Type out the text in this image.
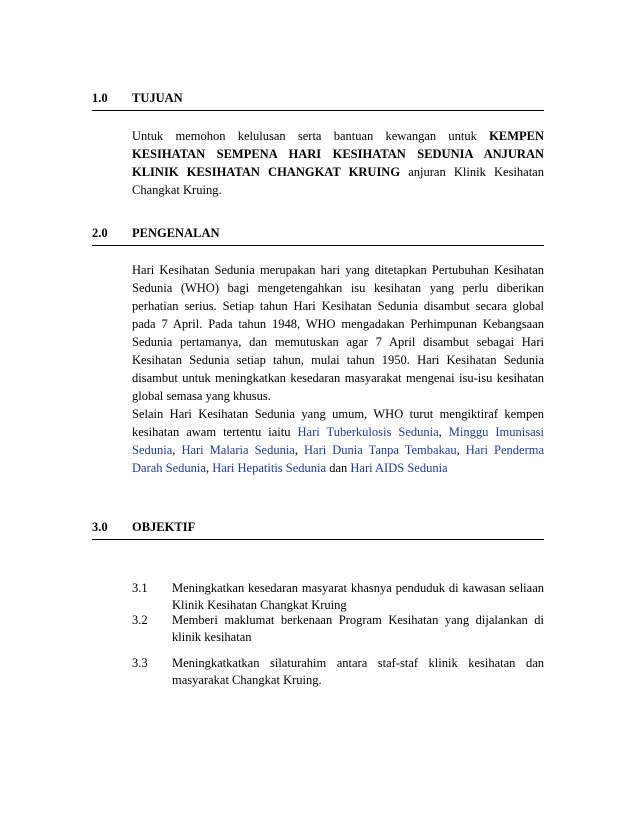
1.0 TUJUAN

Untuk memohon kelulusan serta bantuan kewangan untuk KEMPEN KESIHATAN SEMPENA HARI KESIHATAN SEDUNIA ANJURAN KLINIK KESIHATAN CHANGKAT KRUING anjuran Klinik Kesihatan Changkat Kruing.

2.0 PENGENALAN

Hari Kesihatan Sedunia merupakan hari yang ditetapkan Pertubuhan Kesihatan Sedunia (WHO) bagi mengetengahkan isu kesihatan yang perlu diberikan perhatian serius. Setiap tahun Hari Kesihatan Sedunia disambut secara global pada 7 April. Pada tahun 1948, WHO mengadakan Perhimpunan Kebangsaan Sedunia pertamanya, dan memutuskan agar 7 April disambut sebagai Hari Kesihatan Sedunia setiap tahun, mulai tahun 1950. Hari Kesihatan Sedunia disambut untuk meningkatkan kesedaran masyarakat mengenai isu-isu kesihatan global semasa yang khusus.

Selain Hari Kesihatan Sedunia yang umum, WHO turut mengiktiraf kempen kesihatan awam tertentu iaitu Hari Tuberkulosis Sedunia, Minggu Imunisasi Sedunia, Hari Malaria Sedunia, Hari Dunia Tanpa Tembakau, Hari Penderma Darah Sedunia, Hari Hepatitis Sedunia dan Hari AIDS Sedunia

3.0 OBJEKTIF
3.1 Meningkatkan kesedaran masyarat khasnya penduduk di kawasan seliaan Klinik Kesihatan Changkat Kruing
3.2 Memberi maklumat berkenaan Program Kesihatan yang dijalankan di klinik kesihatan
3.3 Meningkatkatkan silaturahim antara staf-staf klinik kesihatan dan masyarakat Changkat Kruing.
